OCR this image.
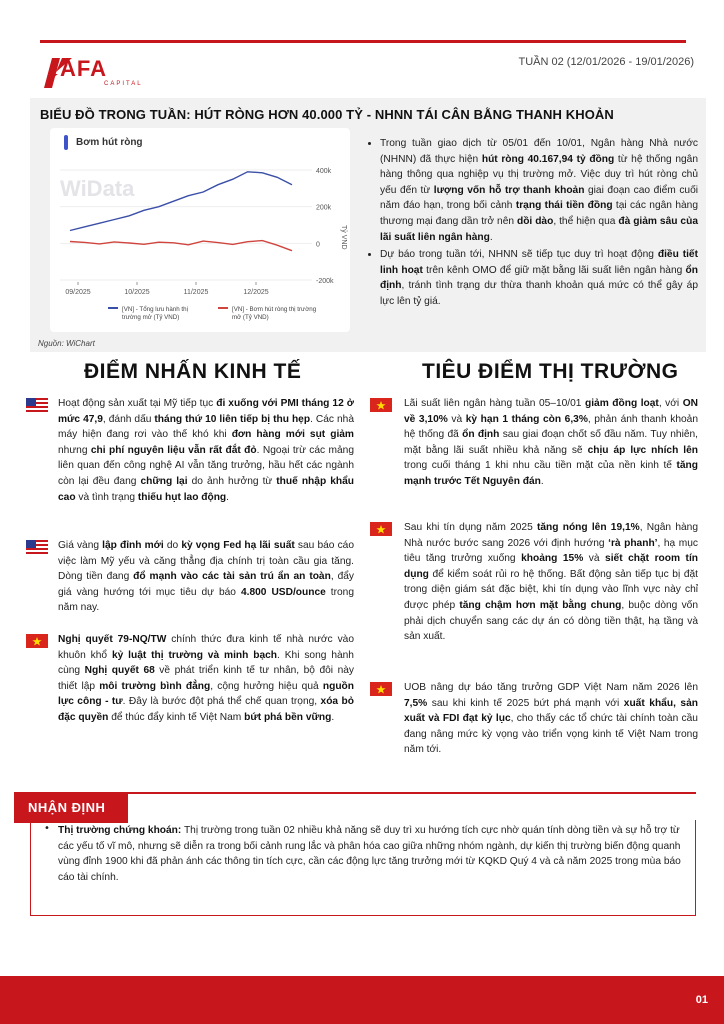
AFA
CAPITAL
TUẦN 02 (12/01/2026 - 19/01/2026)
BIỂU ĐỒ TRONG TUẦN: HÚT RÒNG HƠN 40.000 TỶ - NHNN TÁI CÂN BẰNG THANH KHOẢN
Bơm hút ròng
WiData
400k
200k
0
-200k
09/2025	10/2025	11/2025	12/2025
Tỷ VND
[VN] - Tổng lưu hành thị
trường mở (Tỷ VND)
[VN] - Bơm hút ròng thị trường
mở (Tỷ VND)
Nguồn: WiChart
• Trong tuần giao dịch từ 05/01 đến 10/01, Ngân hàng Nhà nước (NHNN) đã thực hiện hút ròng 40.167,94 tỷ đồng từ hệ thống ngân hàng thông qua nghiệp vụ thị trường mở. Việc duy trì hút ròng chủ yếu đến từ lượng vốn hỗ trợ thanh khoản giai đoạn cao điểm cuối năm đáo hạn, trong bối cảnh trạng thái tiền đồng tại các ngân hàng thương mại đang dần trở nên dồi dào, thể hiện qua đà giảm sâu của lãi suất liên ngân hàng.
• Dự báo trong tuần tới, NHNN sẽ tiếp tục duy trì hoạt động điều tiết linh hoạt trên kênh OMO để giữ mặt bằng lãi suất liên ngân hàng ổn định, tránh tình trạng dư thừa thanh khoản quá mức có thể gây áp lực lên tỷ giá.
ĐIỂM NHẤN KINH TẾ	TIÊU ĐIỂM THỊ TRƯỜNG
Hoạt động sản xuất tại Mỹ tiếp tục đi xuống với PMI tháng 12 ở mức 47,9, đánh dấu tháng thứ 10 liên tiếp bị thu hẹp. Các nhà máy hiện đang rơi vào thế khó khi đơn hàng mới sụt giảm nhưng chi phí nguyên liệu vẫn rất đắt đỏ. Ngoại trừ các mảng liên quan đến công nghệ AI vẫn tăng trưởng, hầu hết các ngành còn lại đều đang chững lại do ảnh hưởng từ thuế nhập khẩu cao và tình trạng thiếu hụt lao động.
Giá vàng lập đỉnh mới do kỳ vọng Fed hạ lãi suất sau báo cáo việc làm Mỹ yếu và căng thẳng địa chính trị toàn cầu gia tăng. Dòng tiền đang đổ mạnh vào các tài sản trú ẩn an toàn, đẩy giá vàng hướng tới mục tiêu dự báo 4.800 USD/ounce trong năm nay.
Nghị quyết 79-NQ/TW chính thức đưa kinh tế nhà nước vào khuôn khổ kỷ luật thị trường và minh bạch. Khi song hành cùng Nghị quyết 68 về phát triển kinh tế tư nhân, bộ đôi này thiết lập môi trường bình đẳng, cộng hưởng hiệu quả nguồn lực công - tư. Đây là bước đột phá thể chế quan trọng, xóa bỏ đặc quyền để thúc đẩy kinh tế Việt Nam bứt phá bền vững.
Lãi suất liên ngân hàng tuần 05–10/01 giảm đồng loạt, với ON về 3,10% và kỳ hạn 1 tháng còn 6,3%, phản ánh thanh khoản hệ thống đã ổn định sau giai đoạn chốt số đầu năm. Tuy nhiên, mặt bằng lãi suất nhiều khả năng sẽ chịu áp lực nhích lên trong cuối tháng 1 khi nhu cầu tiền mặt của nền kinh tế tăng mạnh trước Tết Nguyên đán.
Sau khi tín dụng năm 2025 tăng nóng lên 19,1%, Ngân hàng Nhà nước bước sang 2026 với định hướng ‘rà phanh’, hạ mục tiêu tăng trưởng xuống khoảng 15% và siết chặt room tín dụng để kiểm soát rủi ro hệ thống. Bất động sản tiếp tục bị đặt trong diện giám sát đặc biệt, khi tín dụng vào lĩnh vực này chỉ được phép tăng chậm hơn mặt bằng chung, buộc dòng vốn phải dịch chuyển sang các dự án có dòng tiền thật, hạ tầng và sản xuất.
UOB nâng dự báo tăng trưởng GDP Việt Nam năm 2026 lên 7,5% sau khi kinh tế 2025 bứt phá mạnh với xuất khẩu, sản xuất và FDI đạt kỷ lục, cho thấy các tổ chức tài chính toàn cầu đang nâng mức kỳ vọng vào triển vọng kinh tế Việt Nam trong năm tới.
NHẬN ĐỊNH
• Thị trường chứng khoán: Thị trường trong tuần 02 nhiều khả năng sẽ duy trì xu hướng tích cực nhờ quán tính dòng tiền và sự hỗ trợ từ các yếu tố vĩ mô, nhưng sẽ diễn ra trong bối cảnh rung lắc và phân hóa cao giữa những nhóm ngành, dự kiến thị trường biến động quanh vùng đỉnh 1900 khi đã phản ánh các thông tin tích cực, cần các động lực tăng trưởng mới từ KQKD Quý 4 và cả năm 2025 trong mùa báo cáo tài chính.
01
